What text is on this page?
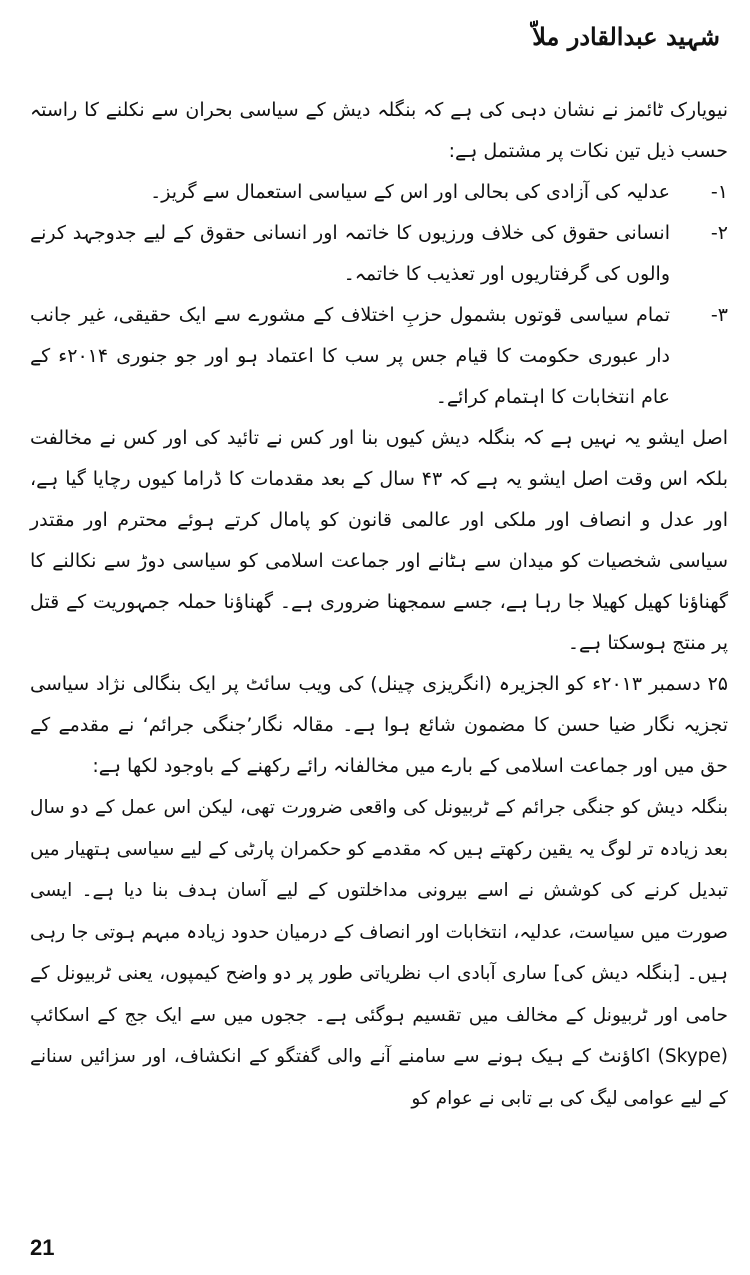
شہید عبدالقادر ملاّ

نیویارک ٹائمز نے نشان دہی کی ہے کہ بنگلہ دیش کے سیاسی بحران سے نکلنے کا راستہ حسب ذیل تین نکات پر مشتمل ہے:

۱-
عدلیہ کی آزادی کی بحالی اور اس کے سیاسی استعمال سے گریز۔

۲-
انسانی حقوق کی خلاف ورزیوں کا خاتمہ اور انسانی حقوق کے لیے جدوجہد کرنے والوں کی گرفتاریوں اور تعذیب کا خاتمہ۔

۳-
تمام سیاسی قوتوں بشمول حزبِ اختلاف کے مشورے سے ایک حقیقی، غیر جانب دار عبوری حکومت کا قیام جس پر سب کا اعتماد ہو اور جو جنوری ۲۰۱۴ء کے عام انتخابات کا اہتمام کرائے۔

اصل ایشو یہ نہیں ہے کہ بنگلہ دیش کیوں بنا اور کس نے تائید کی اور کس نے مخالفت بلکہ اس وقت اصل ایشو یہ ہے کہ ۴۳ سال کے بعد مقدمات کا ڈراما کیوں رچایا گیا ہے، اور عدل و انصاف اور ملکی اور عالمی قانون کو پامال کرتے ہوئے محترم اور مقتدر سیاسی شخصیات کو میدان سے ہٹانے اور جماعت اسلامی کو سیاسی دوڑ سے نکالنے کا گھناؤنا کھیل کھیلا جا رہا ہے، جسے سمجھنا ضروری ہے۔ گھناؤنا حملہ جمہوریت کے قتل پر منتج ہوسکتا ہے۔

۲۵ دسمبر ۲۰۱۳ء کو الجزیرہ (انگریزی چینل) کی ویب سائٹ پر ایک بنگالی نژاد سیاسی تجزیہ نگار ضیا حسن کا مضمون شائع ہوا ہے۔ مقالہ نگار’جنگی جرائم‘ نے مقدمے کے حق میں اور جماعت اسلامی کے بارے میں مخالفانہ رائے رکھنے کے باوجود لکھا ہے:

بنگلہ دیش کو جنگی جرائم کے ٹربیونل کی واقعی ضرورت تھی، لیکن اس عمل کے دو سال بعد زیادہ تر لوگ یہ یقین رکھتے ہیں کہ مقدمے کو حکمران پارٹی کے لیے سیاسی ہتھیار میں تبدیل کرنے کی کوشش نے اسے بیرونی مداخلتوں کے لیے آسان ہدف بنا دیا ہے۔ ایسی صورت میں سیاست، عدلیہ، انتخابات اور انصاف کے درمیان حدود زیادہ مبہم ہوتی جا رہی ہیں۔ [بنگلہ دیش کی] ساری آبادی اب نظریاتی طور پر دو واضح کیمپوں، یعنی ٹربیونل کے حامی اور ٹربیونل کے مخالف میں تقسیم ہوگئی ہے۔ ججوں میں سے ایک جج کے اسکائپ (Skype) اکاؤنٹ کے ہیک ہونے سے سامنے آنے والی گفتگو کے انکشاف، اور سزائیں سنانے کے لیے عوامی لیگ کی بے تابی نے عوام کو

21
